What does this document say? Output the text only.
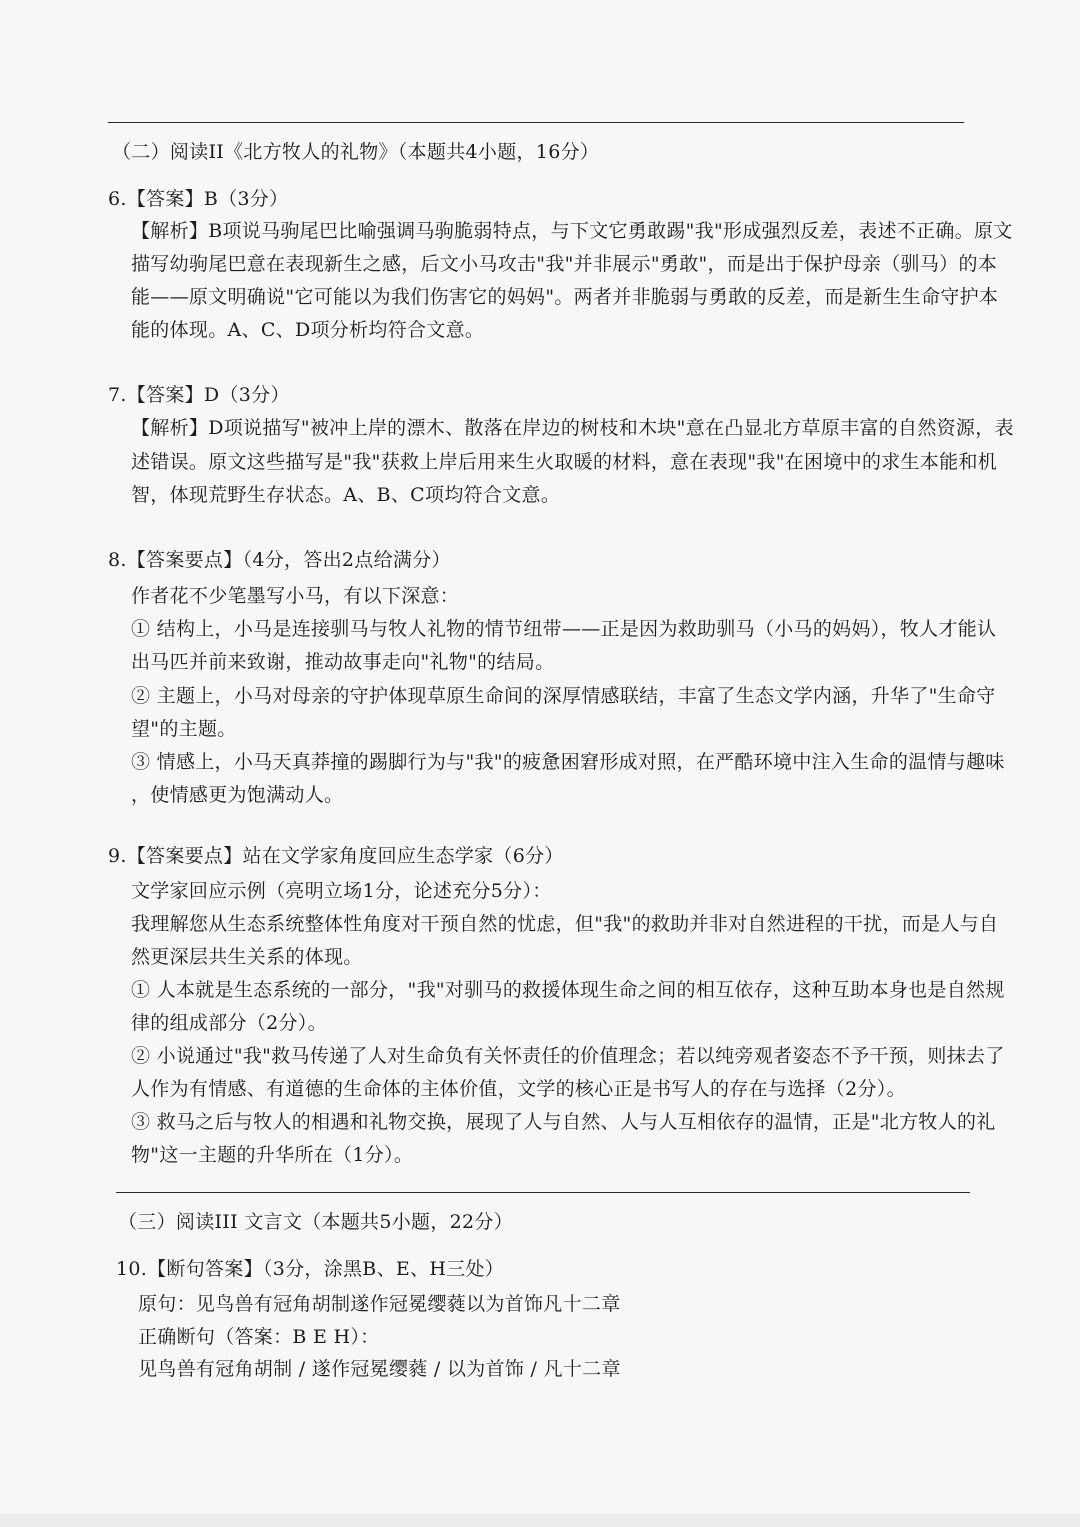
（二）阅读II《北方牧人的礼物》（本题共4小题，16分）
6.【答案】B（3分）
【解析】B项说马驹尾巴比喻强调马驹脆弱特点，与下文它勇敢踢"我"形成强烈反差，表述不正确。原文
描写幼驹尾巴意在表现新生之感，后文小马攻击"我"并非展示"勇敢"，而是出于保护母亲（驯马）的本
能——原文明确说"它可能以为我们伤害它的妈妈"。两者并非脆弱与勇敢的反差，而是新生生命守护本
能的体现。A、C、D项分析均符合文意。
7.【答案】D（3分）
【解析】D项说描写"被冲上岸的漂木、散落在岸边的树枝和木块"意在凸显北方草原丰富的自然资源，表
述错误。原文这些描写是"我"获救上岸后用来生火取暖的材料，意在表现"我"在困境中的求生本能和机
智，体现荒野生存状态。A、B、C项均符合文意。
8.【答案要点】（4分，答出2点给满分）
作者花不少笔墨写小马，有以下深意：
① 结构上，小马是连接驯马与牧人礼物的情节纽带——正是因为救助驯马（小马的妈妈），牧人才能认
出马匹并前来致谢，推动故事走向"礼物"的结局。
② 主题上，小马对母亲的守护体现草原生命间的深厚情感联结，丰富了生态文学内涵，升华了"生命守
望"的主题。
③ 情感上，小马天真莽撞的踢脚行为与"我"的疲惫困窘形成对照，在严酷环境中注入生命的温情与趣味
，使情感更为饱满动人。
9.【答案要点】站在文学家角度回应生态学家（6分）
文学家回应示例（亮明立场1分，论述充分5分）：
我理解您从生态系统整体性角度对干预自然的忧虑，但"我"的救助并非对自然进程的干扰，而是人与自
然更深层共生关系的体现。
① 人本就是生态系统的一部分，"我"对驯马的救援体现生命之间的相互依存，这种互助本身也是自然规
律的组成部分（2分）。
② 小说通过"我"救马传递了人对生命负有关怀责任的价值理念；若以纯旁观者姿态不予干预，则抹去了
人作为有情感、有道德的生命体的主体价值，文学的核心正是书写人的存在与选择（2分）。
③ 救马之后与牧人的相遇和礼物交换，展现了人与自然、人与人互相依存的温情，正是"北方牧人的礼
物"这一主题的升华所在（1分）。
（三）阅读III 文言文（本题共5小题，22分）
10.【断句答案】（3分，涂黑B、E、H三处）
原句：见鸟兽有冠角胡制遂作冠冕缨蕤以为首饰凡十二章
正确断句（答案：B E H）：
见鸟兽有冠角胡制 / 遂作冠冕缨蕤 / 以为首饰 / 凡十二章
